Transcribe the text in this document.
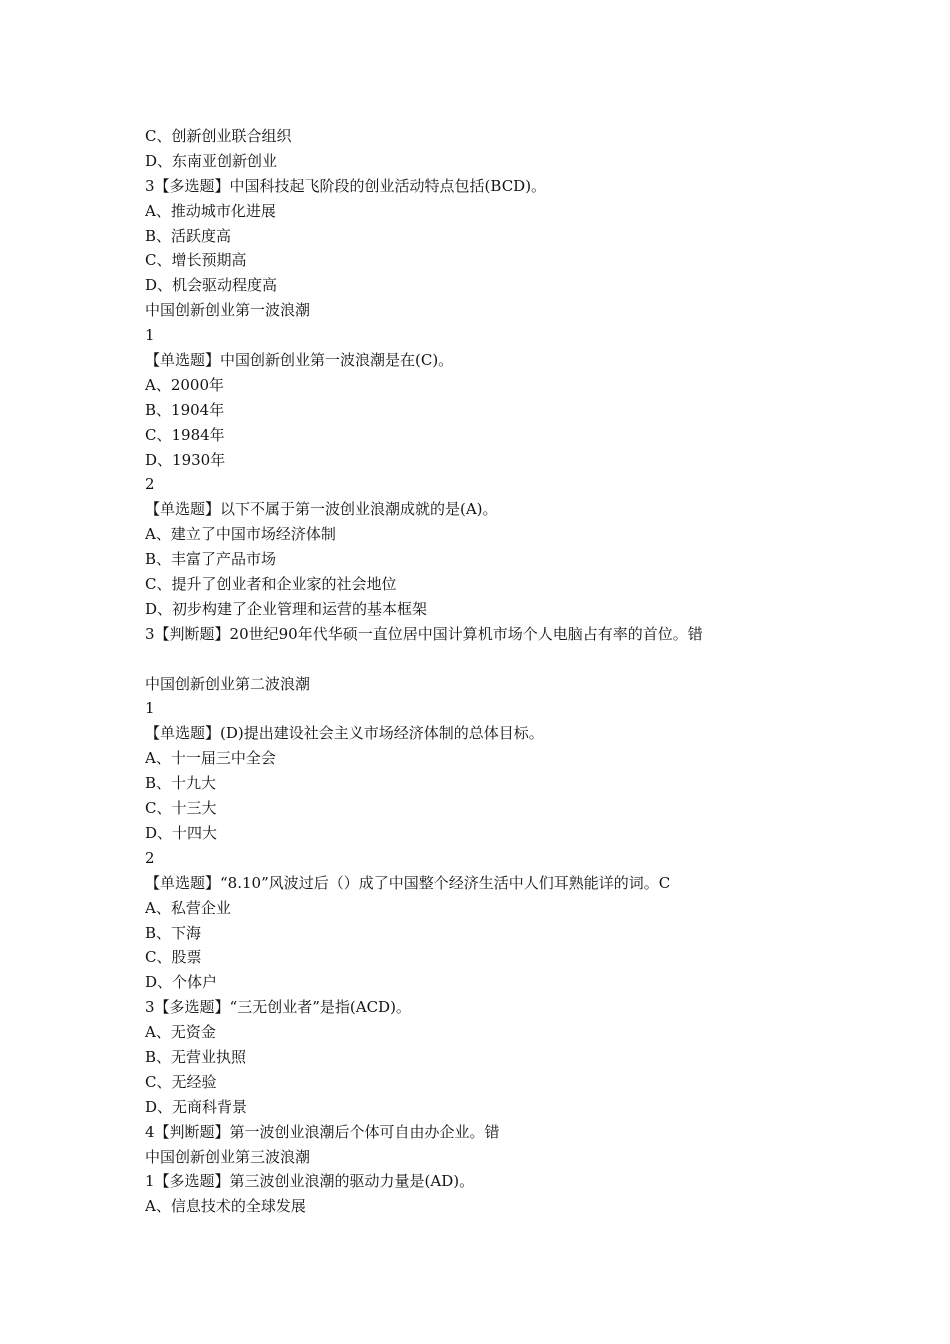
C、创新创业联合组织
D、东南亚创新创业
3【多选题】中国科技起飞阶段的创业活动特点包括(BCD)。
A、推动城市化进展
B、活跃度高
C、增长预期高
D、机会驱动程度高
中国创新创业第一波浪潮
1
【单选题】中国创新创业第一波浪潮是在(C)。
A、2000年
B、1904年
C、1984年
D、1930年
2
【单选题】以下不属于第一波创业浪潮成就的是(A)。
A、建立了中国市场经济体制
B、丰富了产品市场
C、提升了创业者和企业家的社会地位
D、初步构建了企业管理和运营的基本框架
3【判断题】20世纪90年代华硕一直位居中国计算机市场个人电脑占有率的首位。错
中国创新创业第二波浪潮
1
【单选题】(D)提出建设社会主义市场经济体制的总体目标。
A、十一届三中全会
B、十九大
C、十三大
D、十四大
2
【单选题】“8.10”风波过后（）成了中国整个经济生活中人们耳熟能详的词。C
A、私营企业
B、下海
C、股票
D、个体户
3【多选题】“三无创业者”是指(ACD)。
A、无资金
B、无营业执照
C、无经验
D、无商科背景
4【判断题】第一波创业浪潮后个体可自由办企业。错
中国创新创业第三波浪潮
1【多选题】第三波创业浪潮的驱动力量是(AD)。
A、信息技术的全球发展
